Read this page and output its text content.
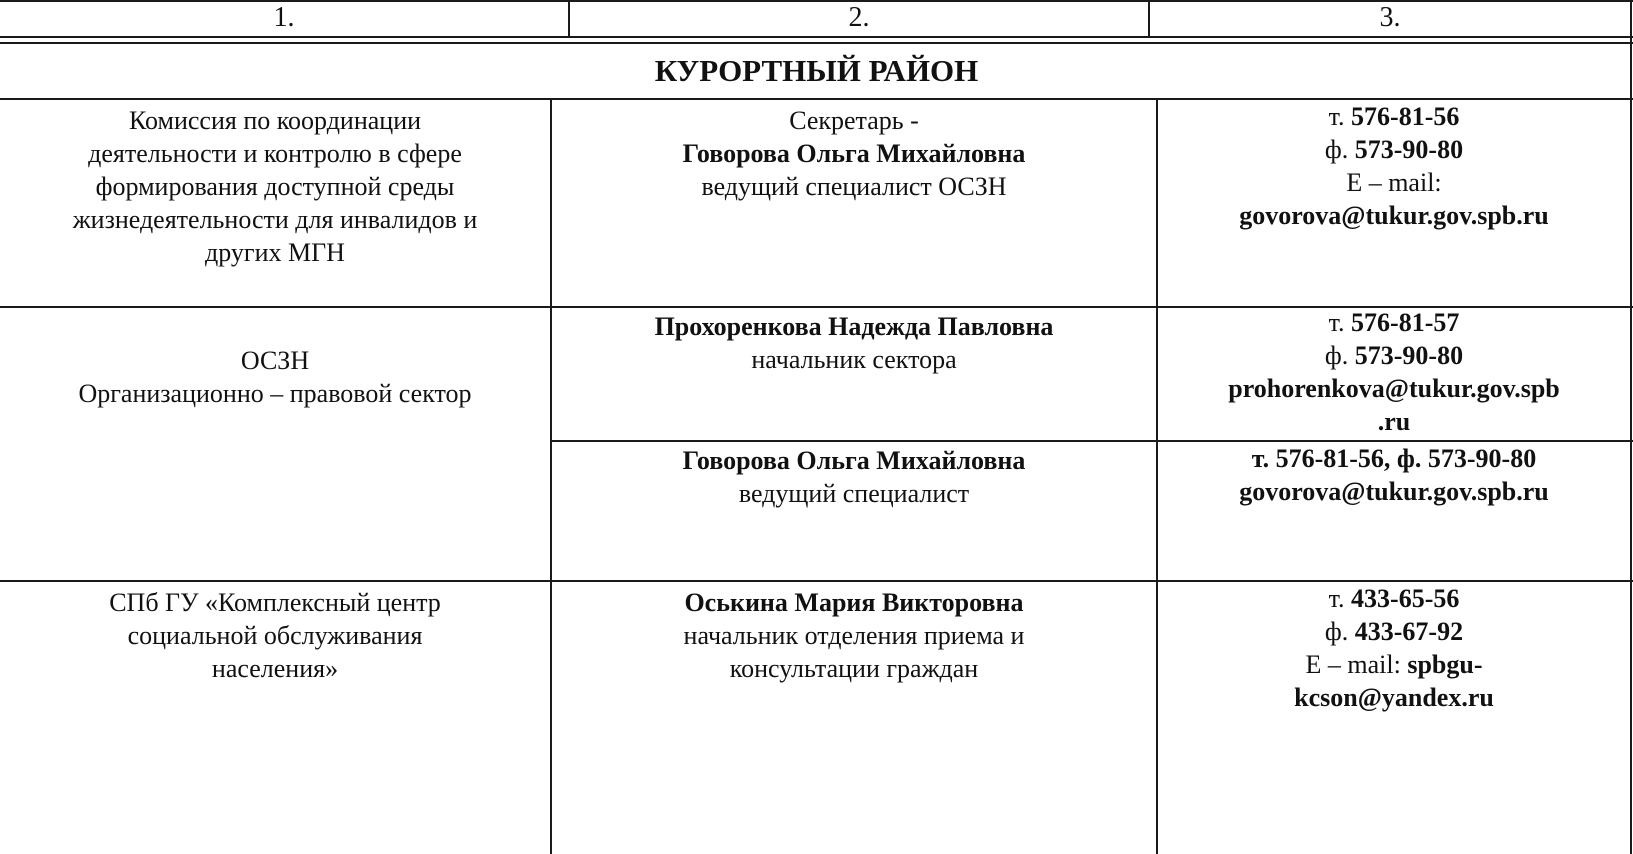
1.	2.	3.
КУРОРТНЫЙ РАЙОН
Комиссия по координации
деятельности и контролю в сфере
формирования доступной среды
жизнедеятельности для инвалидов и
других МГН
Секретарь -
Говорова Ольга Михайловна
ведущий специалист ОСЗН
т. 576-81-56
ф. 573-90-80
E – mail:
govorova@tukur.gov.spb.ru
ОСЗН
Организационно – правовой сектор
Прохоренкова Надежда Павловна
начальник сектора
т. 576-81-57
ф. 573-90-80
prohorenkova@tukur.gov.spb
.ru
Говорова Ольга Михайловна
ведущий специалист
т. 576-81-56, ф. 573-90-80
govorova@tukur.gov.spb.ru
СПб ГУ «Комплексный центр
социальной обслуживания
населения»
Оськина Мария Викторовна
начальник отделения приема и
консультации граждан
т. 433-65-56
ф. 433-67-92
E – mail: spbgu-
kcson@yandex.ru
